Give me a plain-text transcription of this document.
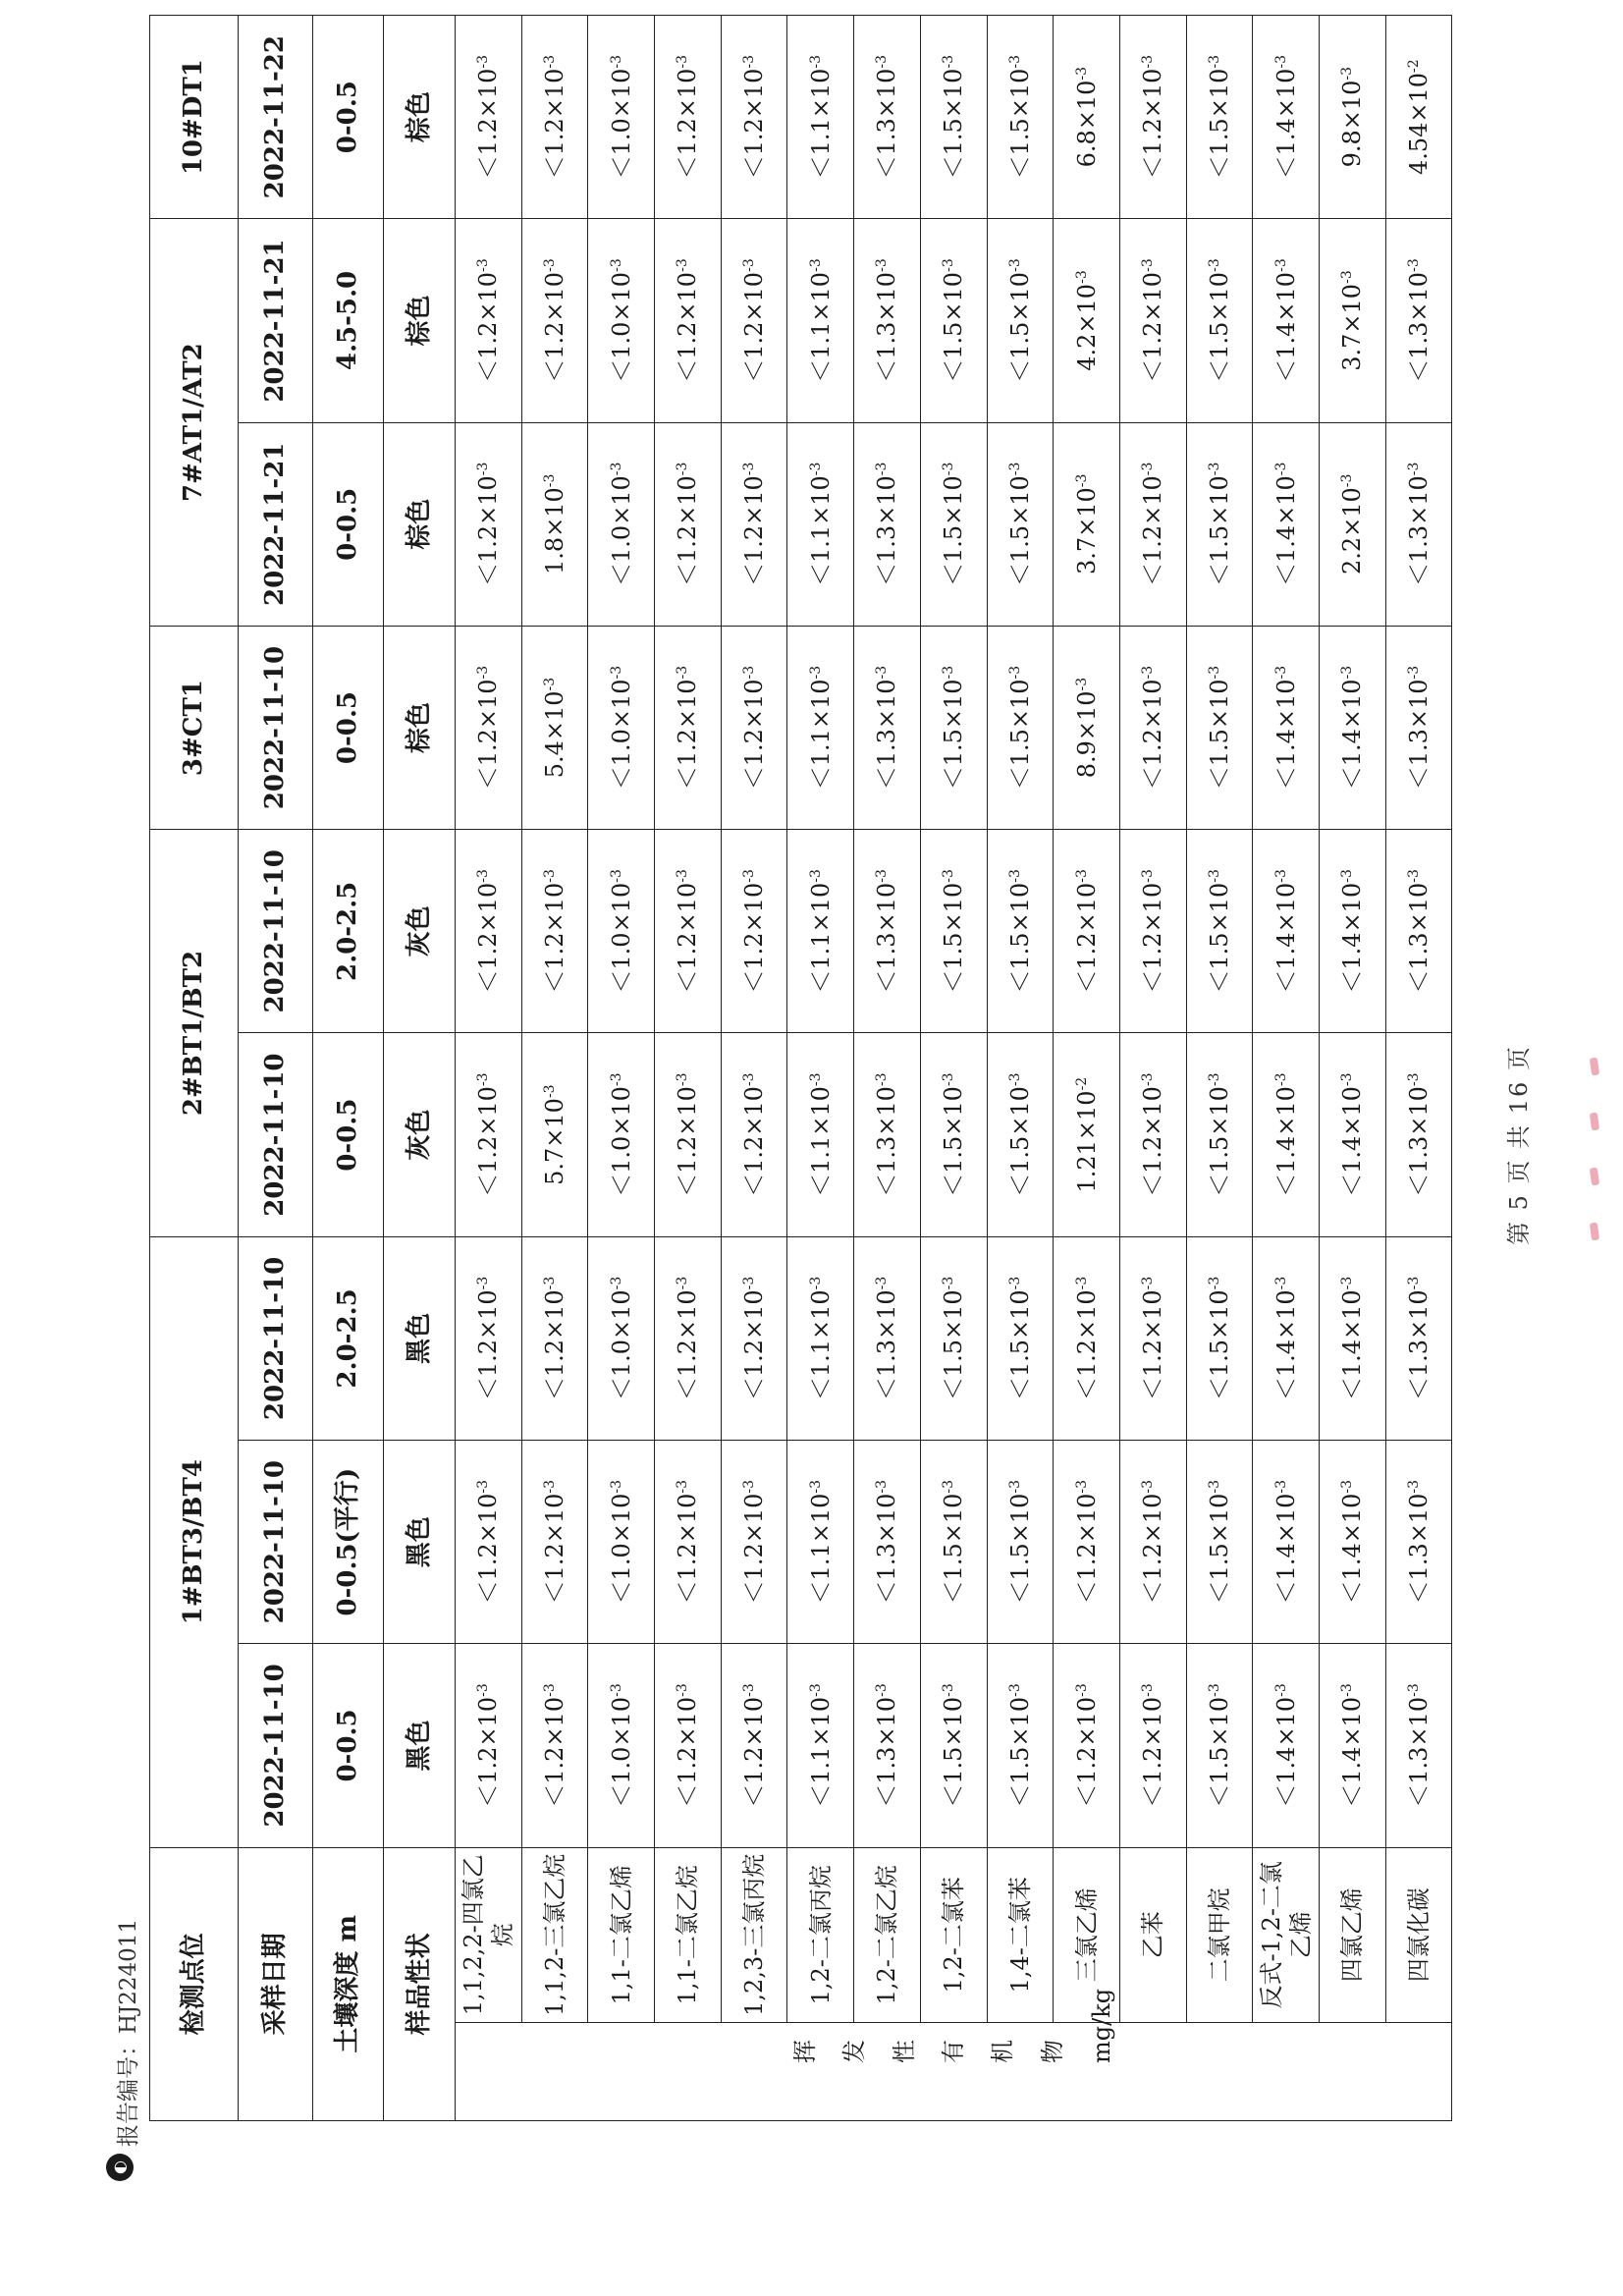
◐
报告编号：HJ224011 检测点位		1#BT3/BT4			2#BT1/BT2		3#CT1	7#AT1/AT2		10#DT1
采样日期		2022-11-10	2022-11-10	2022-11-10	2022-11-10	2022-11-10	2022-11-10	2022-11-21	2022-11-21	2022-11-22
土壤深度 m		0-0.5	0-0.5(平行)	2.0-2.5	0-0.5	2.0-2.5	0-0.5	0-0.5	4.5-5.0	0-0.5
样品性状		黑色	黑色	黑色	灰色	灰色	棕色	棕色	棕色	棕色

挥发 性有 机物 mg/kg	1,1,2,2-四氯乙烷	$<1.2\times 10^{-3}$	$<1.2\times 10^{-3}$	$<1.2\times 10^{-3}$	$<1.2\times 10^{-3}$	$<1.2\times 10^{-3}$	$<1.2\times 10^{-3}$	$<1.2\times 10^{-3}$	$<1.2\times 10^{-3}$	$<1.2\times 10^{-3}$
	1,1,2-三氯乙烷	$<1.2\times 10^{-3}$	$<1.2\times 10^{-3}$	$<1.2\times 10^{-3}$	$5.7\times 10^{-3}$	$<1.2\times 10^{-3}$	$5.4\times 10^{-3}$	$1.8\times 10^{-3}$	$<1.2\times 10^{-3}$	$<1.2\times 10^{-3}$
	1,1-二氯乙烯	$<1.0\times 10^{-3}$	$<1.0\times 10^{-3}$	$<1.0\times 10^{-3}$	$<1.0\times 10^{-3}$	$<1.0\times 10^{-3}$	$<1.0\times 10^{-3}$	$<1.0\times 10^{-3}$	$<1.0\times 10^{-3}$	$<1.0\times 10^{-3}$
	1,1-二氯乙烷	$<1.2\times 10^{-3}$	$<1.2\times 10^{-3}$	$<1.2\times 10^{-3}$	$<1.2\times 10^{-3}$	$<1.2\times 10^{-3}$	$<1.2\times 10^{-3}$	$<1.2\times 10^{-3}$	$<1.2\times 10^{-3}$	$<1.2\times 10^{-3}$
	1,2,3-三氯丙烷	$<1.2\times 10^{-3}$	$<1.2\times 10^{-3}$	$<1.2\times 10^{-3}$	$<1.2\times 10^{-3}$	$<1.2\times 10^{-3}$	$<1.2\times 10^{-3}$	$<1.2\times 10^{-3}$	$<1.2\times 10^{-3}$	$<1.2\times 10^{-3}$
	1,2-二氯丙烷	$<1.1\times 10^{-3}$	$<1.1\times 10^{-3}$	$<1.1\times 10^{-3}$	$<1.1\times 10^{-3}$	$<1.1\times 10^{-3}$	$<1.1\times 10^{-3}$	$<1.1\times 10^{-3}$	$<1.1\times 10^{-3}$	$<1.1\times 10^{-3}$
	1,2-二氯乙烷	$<1.3\times 10^{-3}$	$<1.3\times 10^{-3}$	$<1.3\times 10^{-3}$	$<1.3\times 10^{-3}$	$<1.3\times 10^{-3}$	$<1.3\times 10^{-3}$	$<1.3\times 10^{-3}$	$<1.3\times 10^{-3}$	$<1.3\times 10^{-3}$
	1,2-二氯苯	$<1.5\times 10^{-3}$	$<1.5\times 10^{-3}$	$<1.5\times 10^{-3}$	$<1.5\times 10^{-3}$	$<1.5\times 10^{-3}$	$<1.5\times 10^{-3}$	$<1.5\times 10^{-3}$	$<1.5\times 10^{-3}$	$<1.5\times 10^{-3}$
	1,4-二氯苯	$<1.5\times 10^{-3}$	$<1.5\times 10^{-3}$	$<1.5\times 10^{-3}$	$<1.5\times 10^{-3}$	$<1.5\times 10^{-3}$	$<1.5\times 10^{-3}$	$<1.5\times 10^{-3}$	$<1.5\times 10^{-3}$	$<1.5\times 10^{-3}$
	三氯乙烯	$<1.2\times 10^{-3}$	$<1.2\times 10^{-3}$	$<1.2\times 10^{-3}$	$1.21\times 10^{-2}$	$<1.2\times 10^{-3}$	$8.9\times 10^{-3}$	$3.7\times 10^{-3}$	$4.2\times 10^{-3}$	$6.8\times 10^{-3}$
	乙苯	$<1.2\times 10^{-3}$	$<1.2\times 10^{-3}$	$<1.2\times 10^{-3}$	$<1.2\times 10^{-3}$	$<1.2\times 10^{-3}$	$<1.2\times 10^{-3}$	$<1.2\times 10^{-3}$	$<1.2\times 10^{-3}$	$<1.2\times 10^{-3}$
	二氯甲烷	$<1.5\times 10^{-3}$	$<1.5\times 10^{-3}$	$<1.5\times 10^{-3}$	$<1.5\times 10^{-3}$	$<1.5\times 10^{-3}$	$<1.5\times 10^{-3}$	$<1.5\times 10^{-3}$	$<1.5\times 10^{-3}$	$<1.5\times 10^{-3}$
	反式-1,2-二氯乙烯	$<1.4\times 10^{-3}$	$<1.4\times 10^{-3}$	$<1.4\times 10^{-3}$	$<1.4\times 10^{-3}$	$<1.4\times 10^{-3}$	$<1.4\times 10^{-3}$	$<1.4\times 10^{-3}$	$<1.4\times 10^{-3}$	$<1.4\times 10^{-3}$
	四氯乙烯	$<1.4\times 10^{-3}$	$<1.4\times 10^{-3}$	$<1.4\times 10^{-3}$	$<1.4\times 10^{-3}$	$<1.4\times 10^{-3}$	$<1.4\times 10^{-3}$	$2.2\times 10^{-3}$	$3.7\times 10^{-3}$	$9.8\times 10^{-3}$
	四氯化碳	$<1.3\times 10^{-3}$	$<1.3\times 10^{-3}$	$<1.3\times 10^{-3}$	$<1.3\times 10^{-3}$	$<1.3\times 10^{-3}$	$<1.3\times 10^{-3}$	$<1.3\times 10^{-3}$	$<1.3\times 10^{-3}$	$4.54\times 10^{-2}$
第 5 页 共 16 页
